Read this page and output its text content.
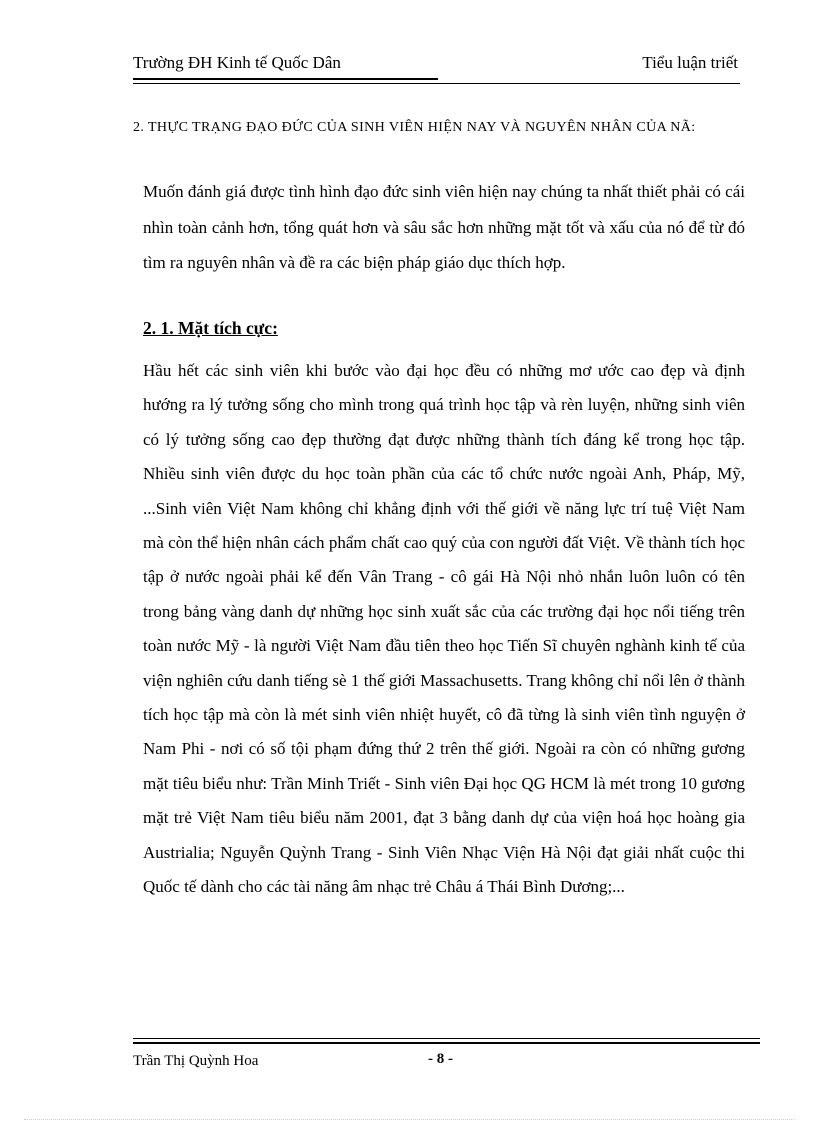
Trường ĐH Kinh tế Quốc Dân	Tiểu luận triết
2. THỰC TRẠNG ĐẠO ĐỨC CỦA SINH VIÊN HIỆN NAY VÀ NGUYÊN NHÂN CỦA NÃ:
Muốn đánh giá được tình hình đạo đức sinh viên hiện nay chúng ta nhất thiết phải có cái nhìn toàn cảnh hơn, tổng quát hơn và sâu sắc hơn những mặt tốt và xấu của nó để từ đó tìm ra nguyên nhân và đề ra các biện pháp giáo dục thích hợp.
2. 1. Mặt tích cực:
Hầu hết các sinh viên khi bước vào đại học đều có những mơ ước cao đẹp và định hướng ra lý tưởng sống cho mình trong quá trình học tập và rèn luyện, những sinh viên có lý tưởng sống cao đẹp thường đạt được những thành tích đáng kể trong học tập. Nhiều sinh viên được du học toàn phần của các tổ chức nước ngoài Anh, Pháp, Mỹ, ...Sinh viên Việt Nam không chỉ khẳng định với thế giới về năng lực trí tuệ Việt Nam mà còn thể hiện nhân cách phẩm chất cao quý của con người đất Việt. Về thành tích học tập ở nước ngoài phải kể đến Vân Trang - cô gái Hà Nội nhỏ nhắn luôn luôn có tên trong bảng vàng danh dự những học sinh xuất sắc của các trường đại học nổi tiếng trên toàn nước Mỹ - là người Việt Nam đầu tiên theo học Tiến Sĩ chuyên nghành kinh tế của viện nghiên cứu danh tiếng sè 1 thế giới Massachusetts. Trang không chỉ nổi lên ở thành tích học tập mà còn là mét sinh viên nhiệt huyết, cô đã từng là sinh viên tình nguyện ở Nam Phi - nơi có số tội phạm đứng thứ 2 trên thế giới. Ngoài ra còn có những gương mặt tiêu biểu như: Trần Minh Triết - Sinh viên Đại học QG HCM là mét trong 10 gương mặt trẻ Việt Nam tiêu biểu năm 2001, đạt 3 bằng danh dự của viện hoá học hoàng gia Austrialia; Nguyễn Quỳnh Trang - Sinh Viên Nhạc Viện Hà Nội đạt giải nhất cuộc thi Quốc tế dành cho các tài năng âm nhạc trẻ Châu á Thái Bình Dương;...
Trần Thị Quỳnh Hoa	- 8 -
